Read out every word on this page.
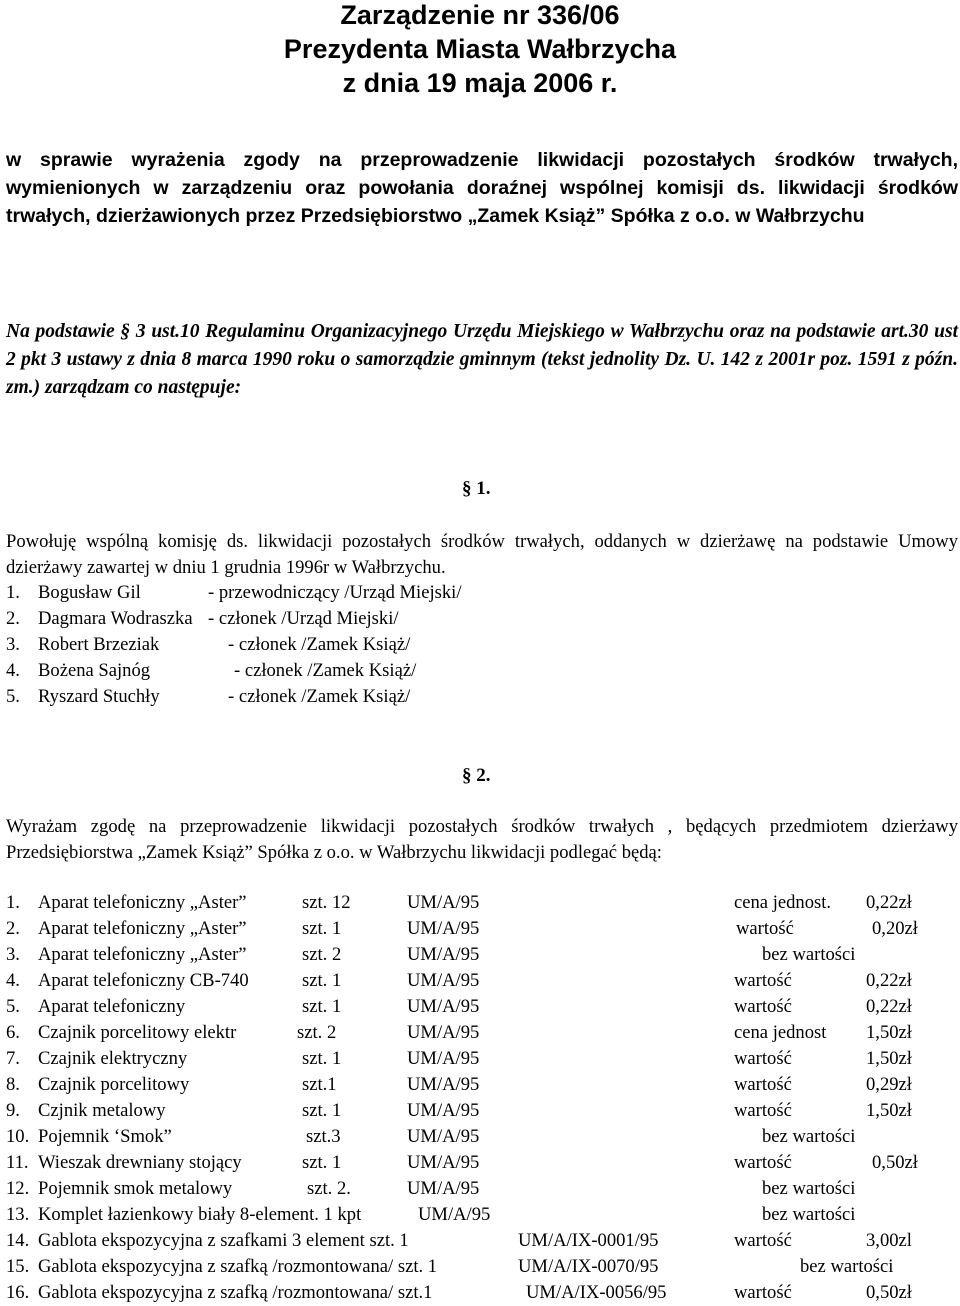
Zarządzenie nr 336/06
Prezydenta Miasta Wałbrzycha
z dnia 19 maja 2006 r.
w sprawie wyrażenia zgody na przeprowadzenie likwidacji pozostałych środków trwałych, wymienionych w zarządzeniu oraz powołania doraźnej wspólnej komisji ds. likwidacji środków trwałych, dzierżawionych przez Przedsiębiorstwo „Zamek Książ” Spółka z o.o. w Wałbrzychu
Na podstawie § 3 ust.10 Regulaminu Organizacyjnego Urzędu Miejskiego w Wałbrzychu oraz na podstawie art.30 ust 2 pkt 3 ustawy z dnia 8 marca 1990 roku o samorządzie gminnym (tekst jednolity Dz. U. 142 z 2001r poz. 1591 z późn. zm.) zarządzam co następuje:
§ 1.
Powołuję wspólną komisję ds. likwidacji pozostałych środków trwałych, oddanych w dzierżawę na podstawie Umowy dzierżawy zawartej w dniu 1 grudnia 1996r w Wałbrzychu.
1. Bogusław Gil	- przewodniczący /Urząd Miejski/
2. Dagmara Wodraszka - członek /Urząd Miejski/
3. Robert Brzeziak	- członek /Zamek Książ/
4. Bożena Sajnóg	- członek /Zamek Książ/
5. Ryszard Stuchły	- członek /Zamek Książ/
§ 2.
Wyrażam zgodę na przeprowadzenie likwidacji pozostałych środków trwałych , będących przedmiotem dzierżawy Przedsiębiorstwa „Zamek Książ” Spółka z o.o. w Wałbrzychu likwidacji podlegać będą:
1. Aparat telefoniczny „Aster”	szt. 12	UM/A/95	cena jednost. 0,22zł
2. Aparat telefoniczny „Aster”	szt. 1	UM/A/95	wartość	0,20zł
3. Aparat telefoniczny „Aster”	szt. 2	UM/A/95	bez wartości
4. Aparat telefoniczny CB-740	szt. 1	UM/A/95	wartość	0,22zł
5. Aparat telefoniczny	szt. 1	UM/A/95	wartość	0,22zł
6. Czajnik porcelitowy elektr	szt. 2	UM/A/95	cena jednost 1,50zł
7. Czajnik elektryczny	szt. 1	UM/A/95	wartość	1,50zł
8. Czajnik porcelitowy	szt.1	UM/A/95	wartość	0,29zł
9. Czjnik metalowy	szt. 1	UM/A/95	wartość	1,50zł
10. Pojemnik ‘Smok”	szt.3	UM/A/95	bez wartości
11. Wieszak drewniany stojący	szt. 1	UM/A/95	wartość	0,50zł
12. Pojemnik smok metalowy	szt. 2.	UM/A/95	bez wartości
13. Komplet łazienkowy biały 8-element. 1 kpt	UM/A/95	bez wartości
14. Gablota ekspozycyjna z szafkami 3 element szt. 1	UM/A/IX-0001/95	wartość	3,00zl
15. Gablota ekspozycyjna z szafką /rozmontowana/ szt. 1	UM/A/IX-0070/95	bez wartości
16. Gablota ekspozycyjna z szafką /rozmontowana/ szt.1	UM/A/IX-0056/95	wartość	0,50zł
